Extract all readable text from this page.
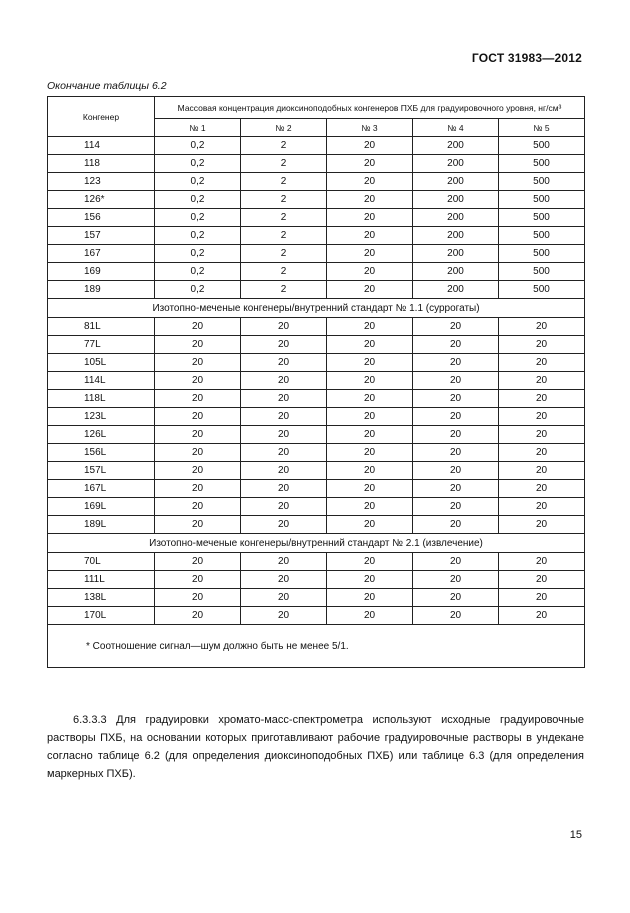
ГОСТ 31983—2012
Окончание таблицы 6.2
Конгенер	Массовая концентрация диоксиноподобных конгенеров ПХБ для градуировочного уровня, нг/см³				
	№ 1	№ 2	№ 3	№ 4	№ 5
114	0,2	2	20	200	500
118	0,2	2	20	200	500
123	0,2	2	20	200	500
126*	0,2	2	20	200	500
156	0,2	2	20	200	500
157	0,2	2	20	200	500
167	0,2	2	20	200	500
169	0,2	2	20	200	500
189	0,2	2	20	200	500
Изотопно-меченые конгенеры/внутренний стандарт № 1.1 (суррогаты)					
81L	20	20	20	20	20
77L	20	20	20	20	20
105L	20	20	20	20	20
114L	20	20	20	20	20
118L	20	20	20	20	20
123L	20	20	20	20	20
126L	20	20	20	20	20
156L	20	20	20	20	20
157L	20	20	20	20	20
167L	20	20	20	20	20
169L	20	20	20	20	20
189L	20	20	20	20	20
Изотопно-меченые конгенеры/внутренний стандарт № 2.1 (извлечение)					
70L	20	20	20	20	20
111L	20	20	20	20	20
138L	20	20	20	20	20
170L	20	20	20	20	20
* Соотношение сигнал—шум должно быть не менее 5/1.					
6.3.3.3 Для градуировки хромато-масс-спектрометра используют исходные градуировочные растворы ПХБ, на основании которых приготавливают рабочие градуировочные растворы в ундекане согласно таблице 6.2 (для определения диоксиноподобных ПХБ) или таблице 6.3 (для определения маркерных ПХБ).
15
